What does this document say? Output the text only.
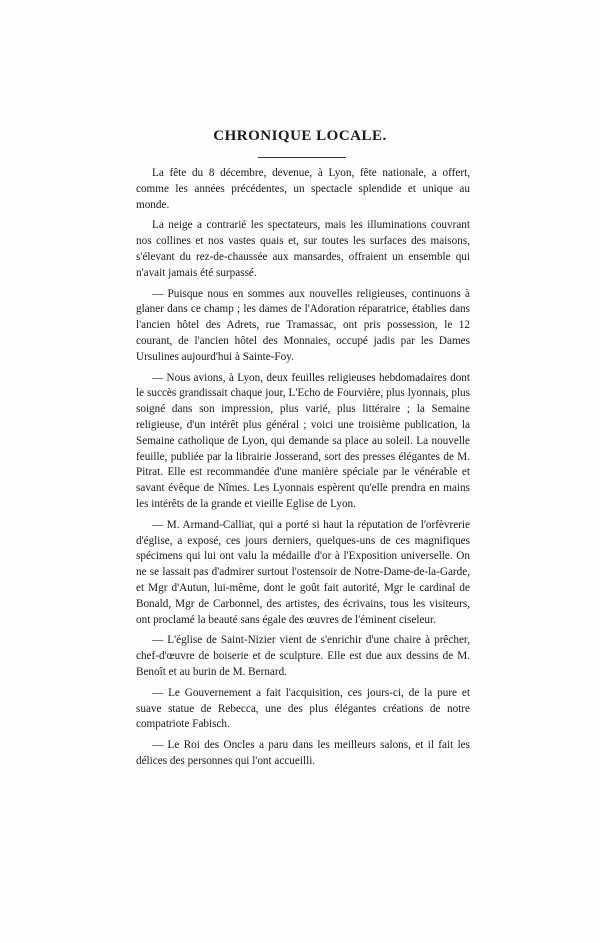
CHRONIQUE LOCALE.

La fête du 8 décembre, devenue, à Lyon, fête nationale, a offert, comme les années précédentes, un spectacle splendide et unique au monde.

La neige a contrarié les spectateurs, mais les illuminations couvrant nos collines et nos vastes quais et, sur toutes les surfaces des maisons, s'élevant du rez-de-chaussée aux mansardes, offraient un ensemble qui n'avait jamais été surpassé.

— Puisque nous en sommes aux nouvelles religieuses, continuons à glaner dans ce champ ; les dames de l'Adoration réparatrice, établies dans l'ancien hôtel des Adrets, rue Tramassac, ont pris possession, le 12 courant, de l'ancien hôtel des Monnaies, occupé jadis par les Dames Ursulines aujourd'hui à Sainte-Foy.

— Nous avions, à Lyon, deux feuilles religieuses hebdomadaires dont le succès grandissait chaque jour, L'Echo de Fourvière, plus lyonnais, plus soigné dans son impression, plus varié, plus littéraire ; la Semaine religieuse, d'un intérêt plus général ; voici une troisième publication, la Semaine catholique de Lyon, qui demande sa place au soleil. La nouvelle feuille, publiée par la librairie Josserand, sort des presses élégantes de M. Pitrat. Elle est recommandée d'une manière spéciale par le vénérable et savant évêque de Nîmes. Les Lyonnais espèrent qu'elle prendra en mains les intérêts de la grande et vieille Eglise de Lyon.

— M. Armand-Calliat, qui a porté si haut la réputation de l'orfèvrerie d'église, a exposé, ces jours derniers, quelques-uns de ces magnifiques spécimens qui lui ont valu la médaille d'or à l'Exposition universelle. On ne se lassait pas d'admirer surtout l'ostensoir de Notre-Dame-de-la-Garde, et Mgr d'Autun, lui-même, dont le goût fait autorité, Mgr le cardinal de Bonald, Mgr de Carbonnel, des artistes, des écrivains, tous les visiteurs, ont proclamé la beauté sans égale des œuvres de l'éminent ciseleur.

— L'église de Saint-Nizier vient de s'enrichir d'une chaire à prêcher, chef-d'œuvre de boiserie et de sculpture. Elle est due aux dessins de M. Benoît et au burin de M. Bernard.

— Le Gouvernement a fait l'acquisition, ces jours-ci, de la pure et suave statue de Rebecca, une des plus élégantes créations de notre compatriote Fabisch.

— Le Roi des Oncles a paru dans les meilleurs salons, et il fait les délices des personnes qui l'ont accueilli.
